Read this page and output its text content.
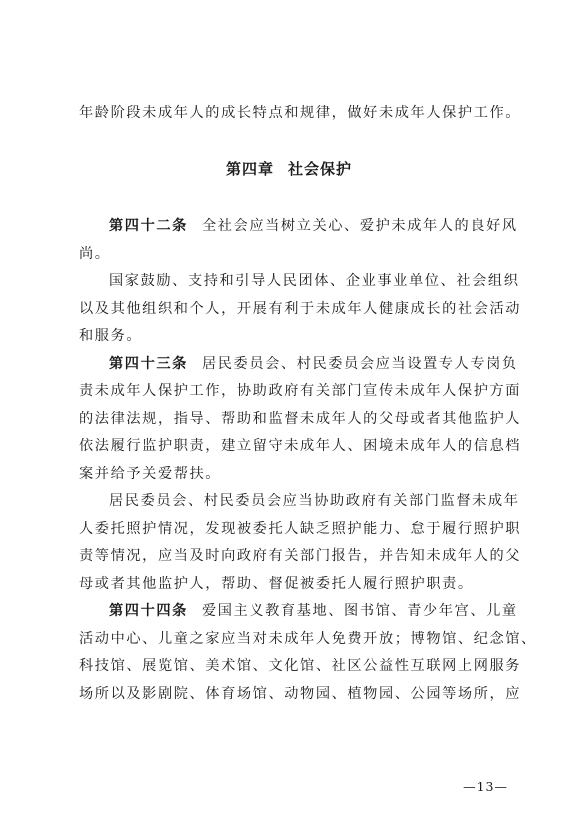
年龄阶段未成年人的成长特点和规律，做好未成年人保护工作。
第四章 社会保护

第四十二条 全社会应当树立关心、爱护未成年人的良好风
尚。

国家鼓励、支持和引导人民团体、企业事业单位、社会组织
以及其他组织和个人，开展有利于未成年人健康成长的社会活动
和服务。

第四十三条 居民委员会、村民委员会应当设置专人专岗负
责未成年人保护工作，协助政府有关部门宣传未成年人保护方面
的法律法规，指导、帮助和监督未成年人的父母或者其他监护人
依法履行监护职责，建立留守未成年人、困境未成年人的信息档
案并给予关爱帮扶。

居民委员会、村民委员会应当协助政府有关部门监督未成年
人委托照护情况，发现被委托人缺乏照护能力、怠于履行照护职
责等情况，应当及时向政府有关部门报告，并告知未成年人的父
母或者其他监护人，帮助、督促被委托人履行照护职责。

第四十四条 爱国主义教育基地、图书馆、青少年宫、儿童
活动中心、儿童之家应当对未成年人免费开放；博物馆、纪念馆、
科技馆、展览馆、美术馆、文化馆、社区公益性互联网上网服务
场所以及影剧院、体育场馆、动物园、植物园、公园等场所，应

—13—
